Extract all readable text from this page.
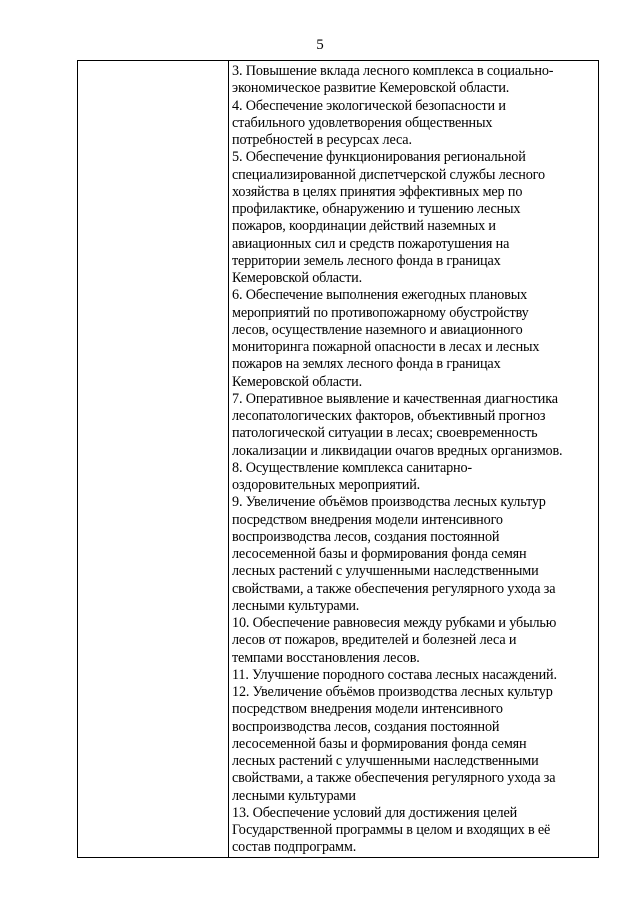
5

3. Повышение вклада лесного комплекса в социально-
экономическое развитие Кемеровской области.

4. Обеспечение экологической безопасности и
стабильного удовлетворения общественных
потребностей в ресурсах леса.

5. Обеспечение функционирования региональной
специализированной диспетчерской службы лесного
хозяйства в целях принятия эффективных мер по
профилактике, обнаружению и тушению лесных
пожаров, координации действий наземных и
авиационных сил и средств пожаротушения на
территории земель лесного фонда в границах
Кемеровской области.

6. Обеспечение выполнения ежегодных плановых
мероприятий по противопожарному обустройству
лесов, осуществление наземного и авиационного
мониторинга пожарной опасности в лесах и лесных
пожаров на землях лесного фонда в границах
Кемеровской области.

7. Оперативное выявление и качественная диагностика
лесопатологических факторов, объективный прогноз
патологической ситуации в лесах; своевременность
локализации и ликвидации очагов вредных организмов.

8. Осуществление комплекса санитарно-
оздоровительных мероприятий.

9. Увеличение объёмов производства лесных культур
посредством внедрения модели интенсивного
воспроизводства лесов, создания постоянной
лесосеменной базы и формирования фонда семян
лесных растений с улучшенными наследственными
свойствами, а также обеспечения регулярного ухода за
лесными культурами.

10. Обеспечение равновесия между рубками и убылью
лесов от пожаров, вредителей и болезней леса и
темпами восстановления лесов.

11. Улучшение породного состава лесных насаждений.

12. Увеличение объёмов производства лесных культур
посредством внедрения модели интенсивного
воспроизводства лесов, создания постоянной
лесосеменной базы и формирования фонда семян
лесных растений с улучшенными наследственными
свойствами, а также обеспечения регулярного ухода за
лесными культурами

13. Обеспечение условий для достижения целей
Государственной программы в целом и входящих в её
состав подпрограмм.
